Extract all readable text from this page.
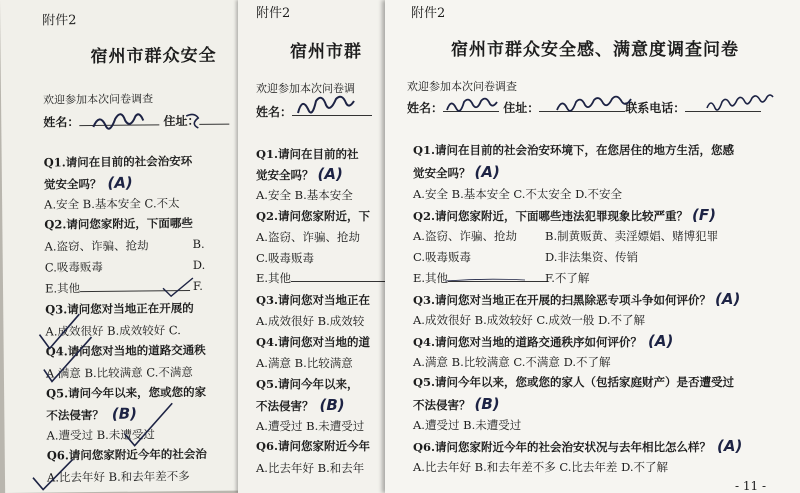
附件2
宿州市群众安全
欢迎参加本次问卷调查
姓名：	住址：
Q1.请问在目前的社会治安环
觉安全吗？ (A)
A.安全 B.基本安全 C.不太
Q2.请问您家附近，下面哪些
A.盗窃、诈骗、抢劫	B.
C.吸毒贩毒	D.
E.其他	F.
Q3.请问您对当地正在开展的
A.成效很好 B.成效较好 C.
Q4.请问您对当地的道路交通秩
A.满意 B.比较满意 C.不满意
Q5.请问今年以来，您或您的家
不法侵害？ (B)
A.遭受过 B.未遭受过
Q6.请问您家附近今年的社会治
A.比去年好 B.和去年差不多
附件2
宿州市群
欢迎参加本次问卷调
姓名：
Q1.请问在目前的社
觉安全吗？ (A)
A.安全 B.基本安全
Q2.请问您家附近，下
A.盗窃、诈骗、抢劫
C.吸毒贩毒
E.其他
Q3.请问您对当地正在
A.成效很好 B.成效较
Q4.请问您对当地的道
A.满意 B.比较满意
Q5.请问今年以来，
不法侵害？ (B)
A.遭受过 B.未遭受过
Q6.请问您家附近今年
A.比去年好 B.和去年
附件2
宿州市群众安全感、满意度调查问卷
欢迎参加本次问卷调查
姓名：	住址：	联系电话：
Q1.请问在目前的社会治安环境下，在您居住的地方生活，您感
觉安全吗？ (A)
A.安全 B.基本安全 C.不太安全 D.不安全
Q2.请问您家附近，下面哪些违法犯罪现象比较严重？ (F)
A.盗窃、诈骗、抢劫 B.制黄贩黄、卖淫嫖娼、赌博犯罪
C.吸毒贩毒	D.非法集资、传销
E.其他	F.不了解
Q3.请问您对当地正在开展的扫黑除恶专项斗争如何评价？ (A)
A.成效很好 B.成效较好 C.成效一般 D.不了解
Q4.请问您对当地的道路交通秩序如何评价？ (A)
A.满意 B.比较满意 C.不满意 D.不了解
Q5.请问今年以来，您或您的家人（包括家庭财产）是否遭受过
不法侵害？ (B)
A.遭受过 B.未遭受过
Q6.请问您家附近今年的社会治安状况与去年相比怎么样？ (A)
A.比去年好 B.和去年差不多 C.比去年差 D.不了解
- 11 -
